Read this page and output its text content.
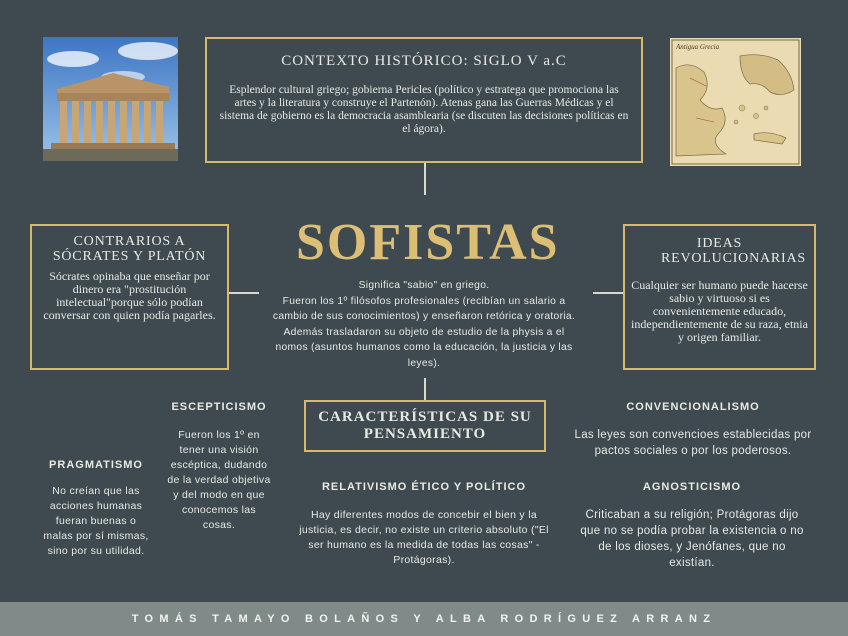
Antigua Grecia
CONTEXTO HISTÓRICO: SIGLO V a.C
Esplendor cultural griego; gobierna Pericles (político y estratega que promociona las artes y la literatura y construye el Partenón). Atenas gana las Guerras Médicas y el sistema de gobierno es la democracia asamblearia (se discuten las decisiones políticas en el ágora).
SOFISTAS
Significa "sabio" en griego.
Fueron los 1º filósofos profesionales (recibían un salario a cambio de sus conocimientos) y enseñaron retórica y oratoria. Además trasladaron su objeto de estudio de la physis a el nomos (asuntos humanos como la educación, la justicia y las leyes).
CONTRARIOS A SÓCRATES Y PLATÓN
Sócrates opinaba que enseñar por dinero era "prostitución intelectual"porque sólo podían conversar con quien podía pagarles.
IDEAS REVOLUCIONARIAS
Cualquier ser humano puede hacerse sabio y virtuoso si es convenientemente educado, independientemente de su raza, etnia y origen familiar.
CARACTERÍSTICAS DE SU PENSAMIENTO
ESCEPTICISMO
Fueron los 1º en tener una visión escéptica, dudando de la verdad objetiva y del modo en que conocemos las cosas.
PRAGMATISMO
No creían que las acciones humanas fueran buenas o malas por sí mismas, sino por su utilidad.
RELATIVISMO ÉTICO Y POLÍTICO
Hay diferentes modos de concebir el bien y la justicia, es decir, no existe un criterio absoluto ("El ser humano es la medida de todas las cosas" - Protágoras).
CONVENCIONALISMO
Las leyes son convencioes establecidas por pactos sociales o por los poderosos.
AGNOSTICISMO
Criticaban a su religión; Protágoras dijo que no se podía probar la existencia o no de los dioses, y Jenófanes, que no existían.
TOMÁS TAMAYO BOLAÑOS Y ALBA RODRÍGUEZ ARRANZ
